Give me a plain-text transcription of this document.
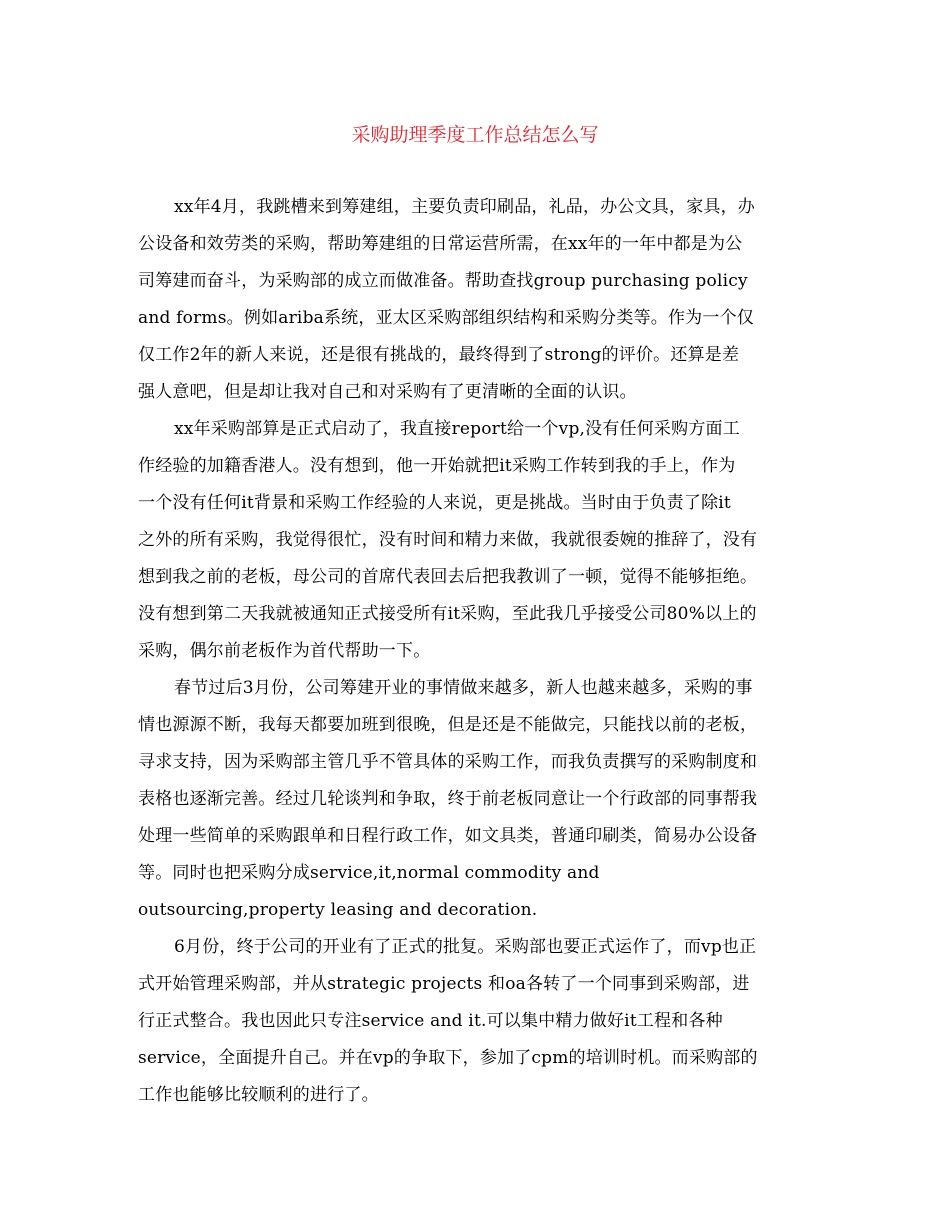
采购助理季度工作总结怎么写
xx年4月，我跳槽来到筹建组，主要负责印刷品，礼品，办公文具，家具，办
公设备和效劳类的采购，帮助筹建组的日常运营所需，在xx年的一年中都是为公
司筹建而奋斗，为采购部的成立而做准备。帮助查找group purchasing policy
and forms。例如ariba系统，亚太区采购部组织结构和采购分类等。作为一个仅
仅工作2年的新人来说，还是很有挑战的，最终得到了strong的评价。还算是差
强人意吧，但是却让我对自己和对采购有了更清晰的全面的认识。
xx年采购部算是正式启动了，我直接report给一个vp,没有任何采购方面工
作经验的加籍香港人。没有想到，他一开始就把it采购工作转到我的手上，作为
一个没有任何it背景和采购工作经验的人来说，更是挑战。当时由于负责了除it
之外的所有采购，我觉得很忙，没有时间和精力来做，我就很委婉的推辞了，没有
想到我之前的老板，母公司的首席代表回去后把我教训了一顿，觉得不能够拒绝。
没有想到第二天我就被通知正式接受所有it采购，至此我几乎接受公司80%以上的
采购，偶尔前老板作为首代帮助一下。
春节过后3月份，公司筹建开业的事情做来越多，新人也越来越多，采购的事
情也源源不断，我每天都要加班到很晚，但是还是不能做完，只能找以前的老板，
寻求支持，因为采购部主管几乎不管具体的采购工作，而我负责撰写的采购制度和
表格也逐渐完善。经过几轮谈判和争取，终于前老板同意让一个行政部的同事帮我
处理一些简单的采购跟单和日程行政工作，如文具类，普通印刷类，简易办公设备
等。同时也把采购分成service,it,normal commodity and
outsourcing,property leasing and decoration.
6月份，终于公司的开业有了正式的批复。采购部也要正式运作了，而vp也正
式开始管理采购部，并从strategic projects 和oa各转了一个同事到采购部，进
行正式整合。我也因此只专注service and it.可以集中精力做好it工程和各种
service，全面提升自己。并在vp的争取下，参加了cpm的培训时机。而采购部的
工作也能够比较顺利的进行了。
